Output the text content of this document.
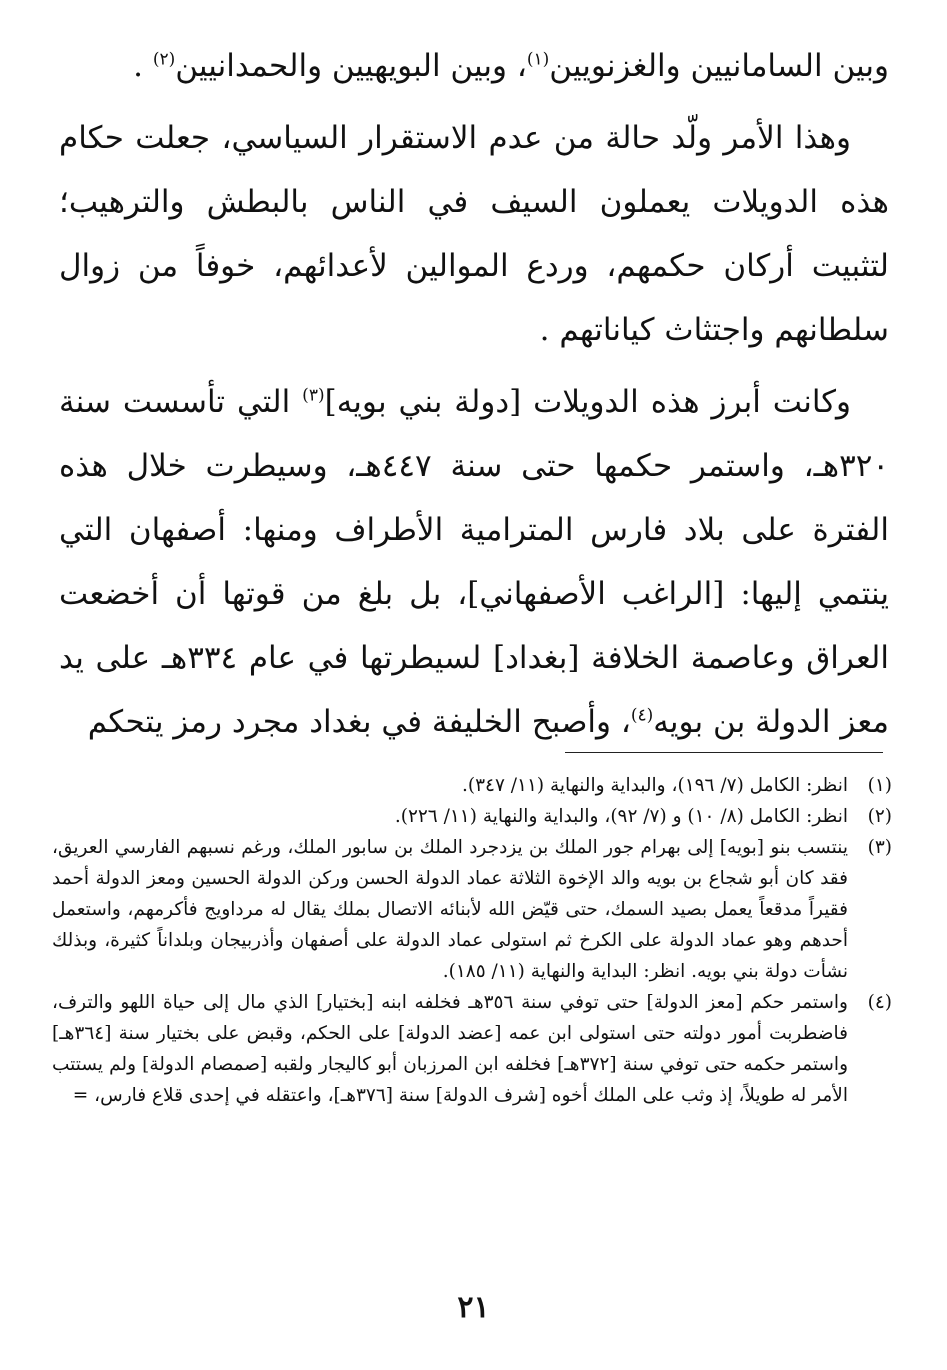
وبين السامانيين والغزنويين$^{(١)}$، وبين البويهيين والحمدانيين$^{(٢)}$ .

وهذا الأمر ولّد حالة من عدم الاستقرار السياسي، جعلت حكام هذه الدويلات يعملون السيف في الناس بالبطش والترهيب؛ لتثبيت أركان حكمهم، وردع الموالين لأعدائهم، خوفاً من زوال سلطانهم واجتثاث كياناتهم .

وكانت أبرز هذه الدويلات [دولة بني بويه]$^{(٣)}$ التي تأسست سنة ٣٢٠هـ، واستمر حكمها حتى سنة ٤٤٧هـ، وسيطرت خلال هذه الفترة على بلاد فارس المترامية الأطراف ومنها: أصفهان التي ينتمي إليها: [الراغب الأصفهاني]، بل بلغ من قوتها أن أخضعت العراق وعاصمة الخلافة [بغداد] لسيطرتها في عام ٣٣٤هـ على يد معز الدولة بن بويه$^{(٤)}$، وأصبح الخليفة في بغداد مجرد رمز يتحكم

(١)
انظر: الكامل (٧/ ١٩٦)، والبداية والنهاية (١١/ ٣٤٧).
(٢)
انظر: الكامل (٨/ ١٠) و (٧/ ٩٢)، والبداية والنهاية (١١/ ٢٢٦).
(٣)
ينتسب بنو [بويه] إلى بهرام جور الملك بن يزدجرد الملك بن سابور الملك، ورغم نسبهم الفارسي العريق، فقد كان أبو شجاع بن بويه والد الإخوة الثلاثة عماد الدولة الحسن وركن الدولة الحسين ومعز الدولة أحمد فقيراً مدقعاً يعمل بصيد السمك، حتى قيّض الله لأبنائه الاتصال بملك يقال له مرداويج فأكرمهم، واستعمل أحدهم وهو عماد الدولة على الكرخ ثم استولى عماد الدولة على أصفهان وأذربيجان وبلداناً كثيرة، وبذلك نشأت دولة بني بويه. انظر: البداية والنهاية (١١/ ١٨٥).
(٤)
واستمر حكم [معز الدولة] حتى توفي سنة ٣٥٦هـ فخلفه ابنه [بختيار] الذي مال إلى حياة اللهو والترف، فاضطربت أمور دولته حتى استولى ابن عمه [عضد الدولة] على الحكم، وقبض على بختيار سنة [٣٦٤هـ] واستمر حكمه حتى توفي سنة [٣٧٢هـ] فخلفه ابن المرزبان أبو كاليجار ولقبه [صمصام الدولة] ولم يستتب الأمر له طويلاً، إذ وثب على الملك أخوه [شرف الدولة] سنة [٣٧٦هـ]، واعتقله في إحدى قلاع فارس، =
٢١
